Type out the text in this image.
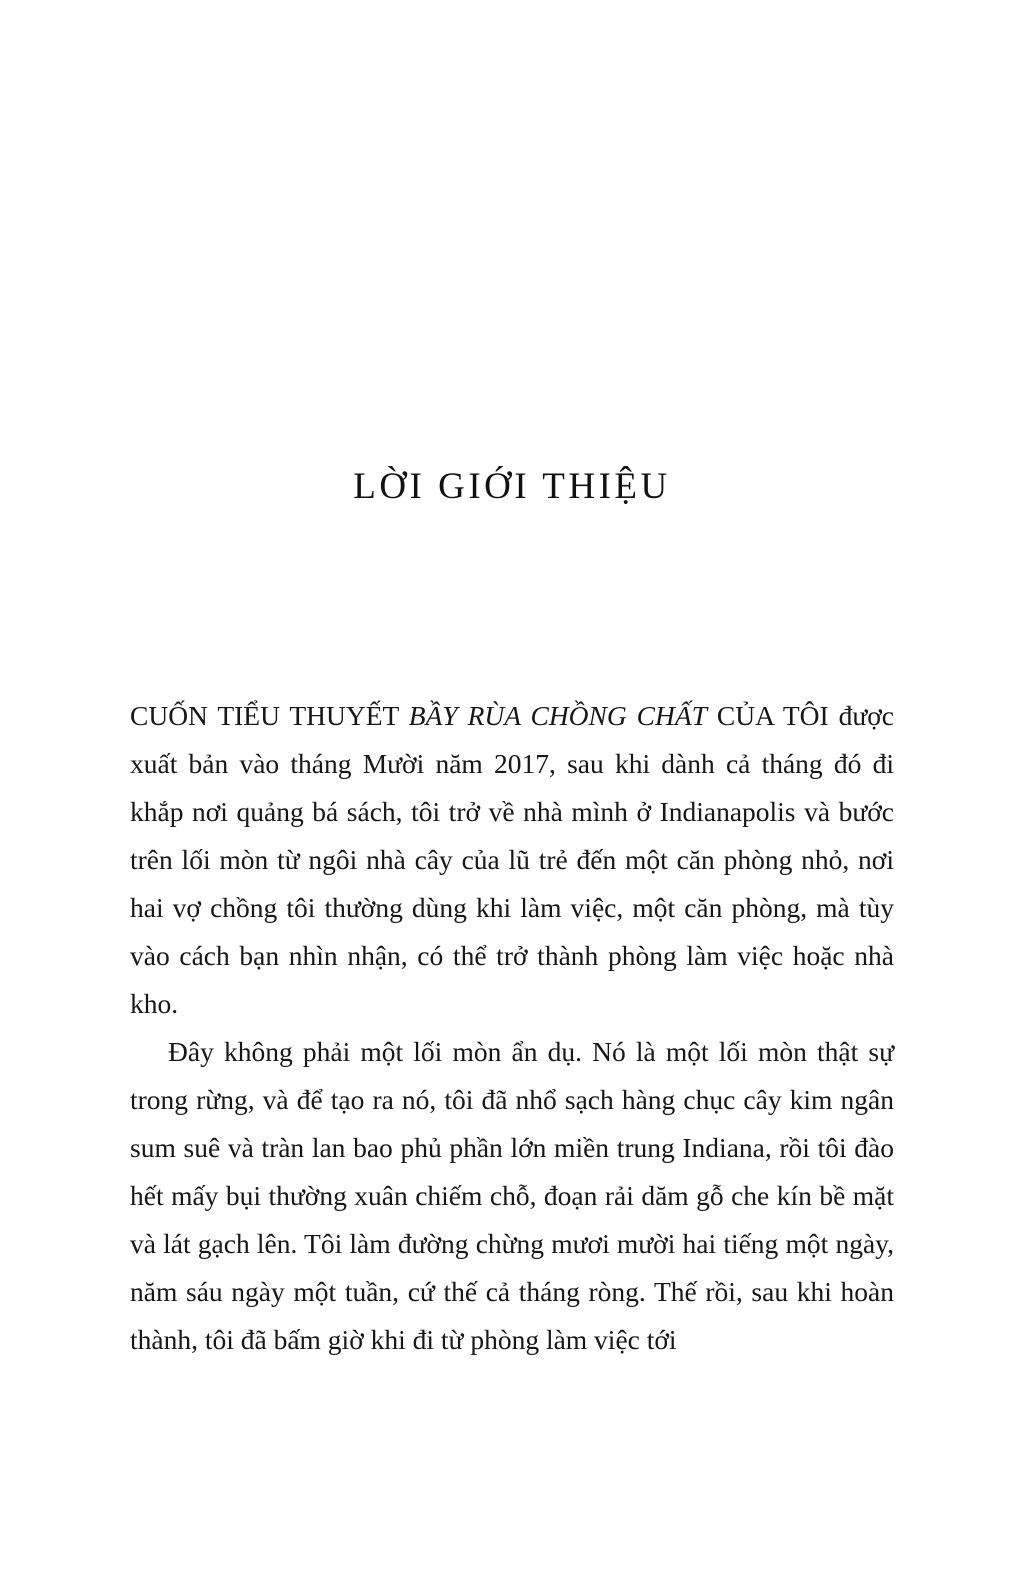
LỜI GIỚI THIỆU

CUỐN TIỂU THUYẾT BẦY RÙA CHỒNG CHẤT CỦA TÔI được xuất bản vào tháng Mười năm 2017, sau khi dành cả tháng đó đi khắp nơi quảng bá sách, tôi trở về nhà mình ở Indianapolis và bước trên lối mòn từ ngôi nhà cây của lũ trẻ đến một căn phòng nhỏ, nơi hai vợ chồng tôi thường dùng khi làm việc, một căn phòng, mà tùy vào cách bạn nhìn nhận, có thể trở thành phòng làm việc hoặc nhà kho.

Đây không phải một lối mòn ẩn dụ. Nó là một lối mòn thật sự trong rừng, và để tạo ra nó, tôi đã nhổ sạch hàng chục cây kim ngân sum suê và tràn lan bao phủ phần lớn miền trung Indiana, rồi tôi đào hết mấy bụi thường xuân chiếm chỗ, đoạn rải dăm gỗ che kín bề mặt và lát gạch lên. Tôi làm đường chừng mươi mười hai tiếng một ngày, năm sáu ngày một tuần, cứ thế cả tháng ròng. Thế rồi, sau khi hoàn thành, tôi đã bấm giờ khi đi từ phòng làm việc tới
